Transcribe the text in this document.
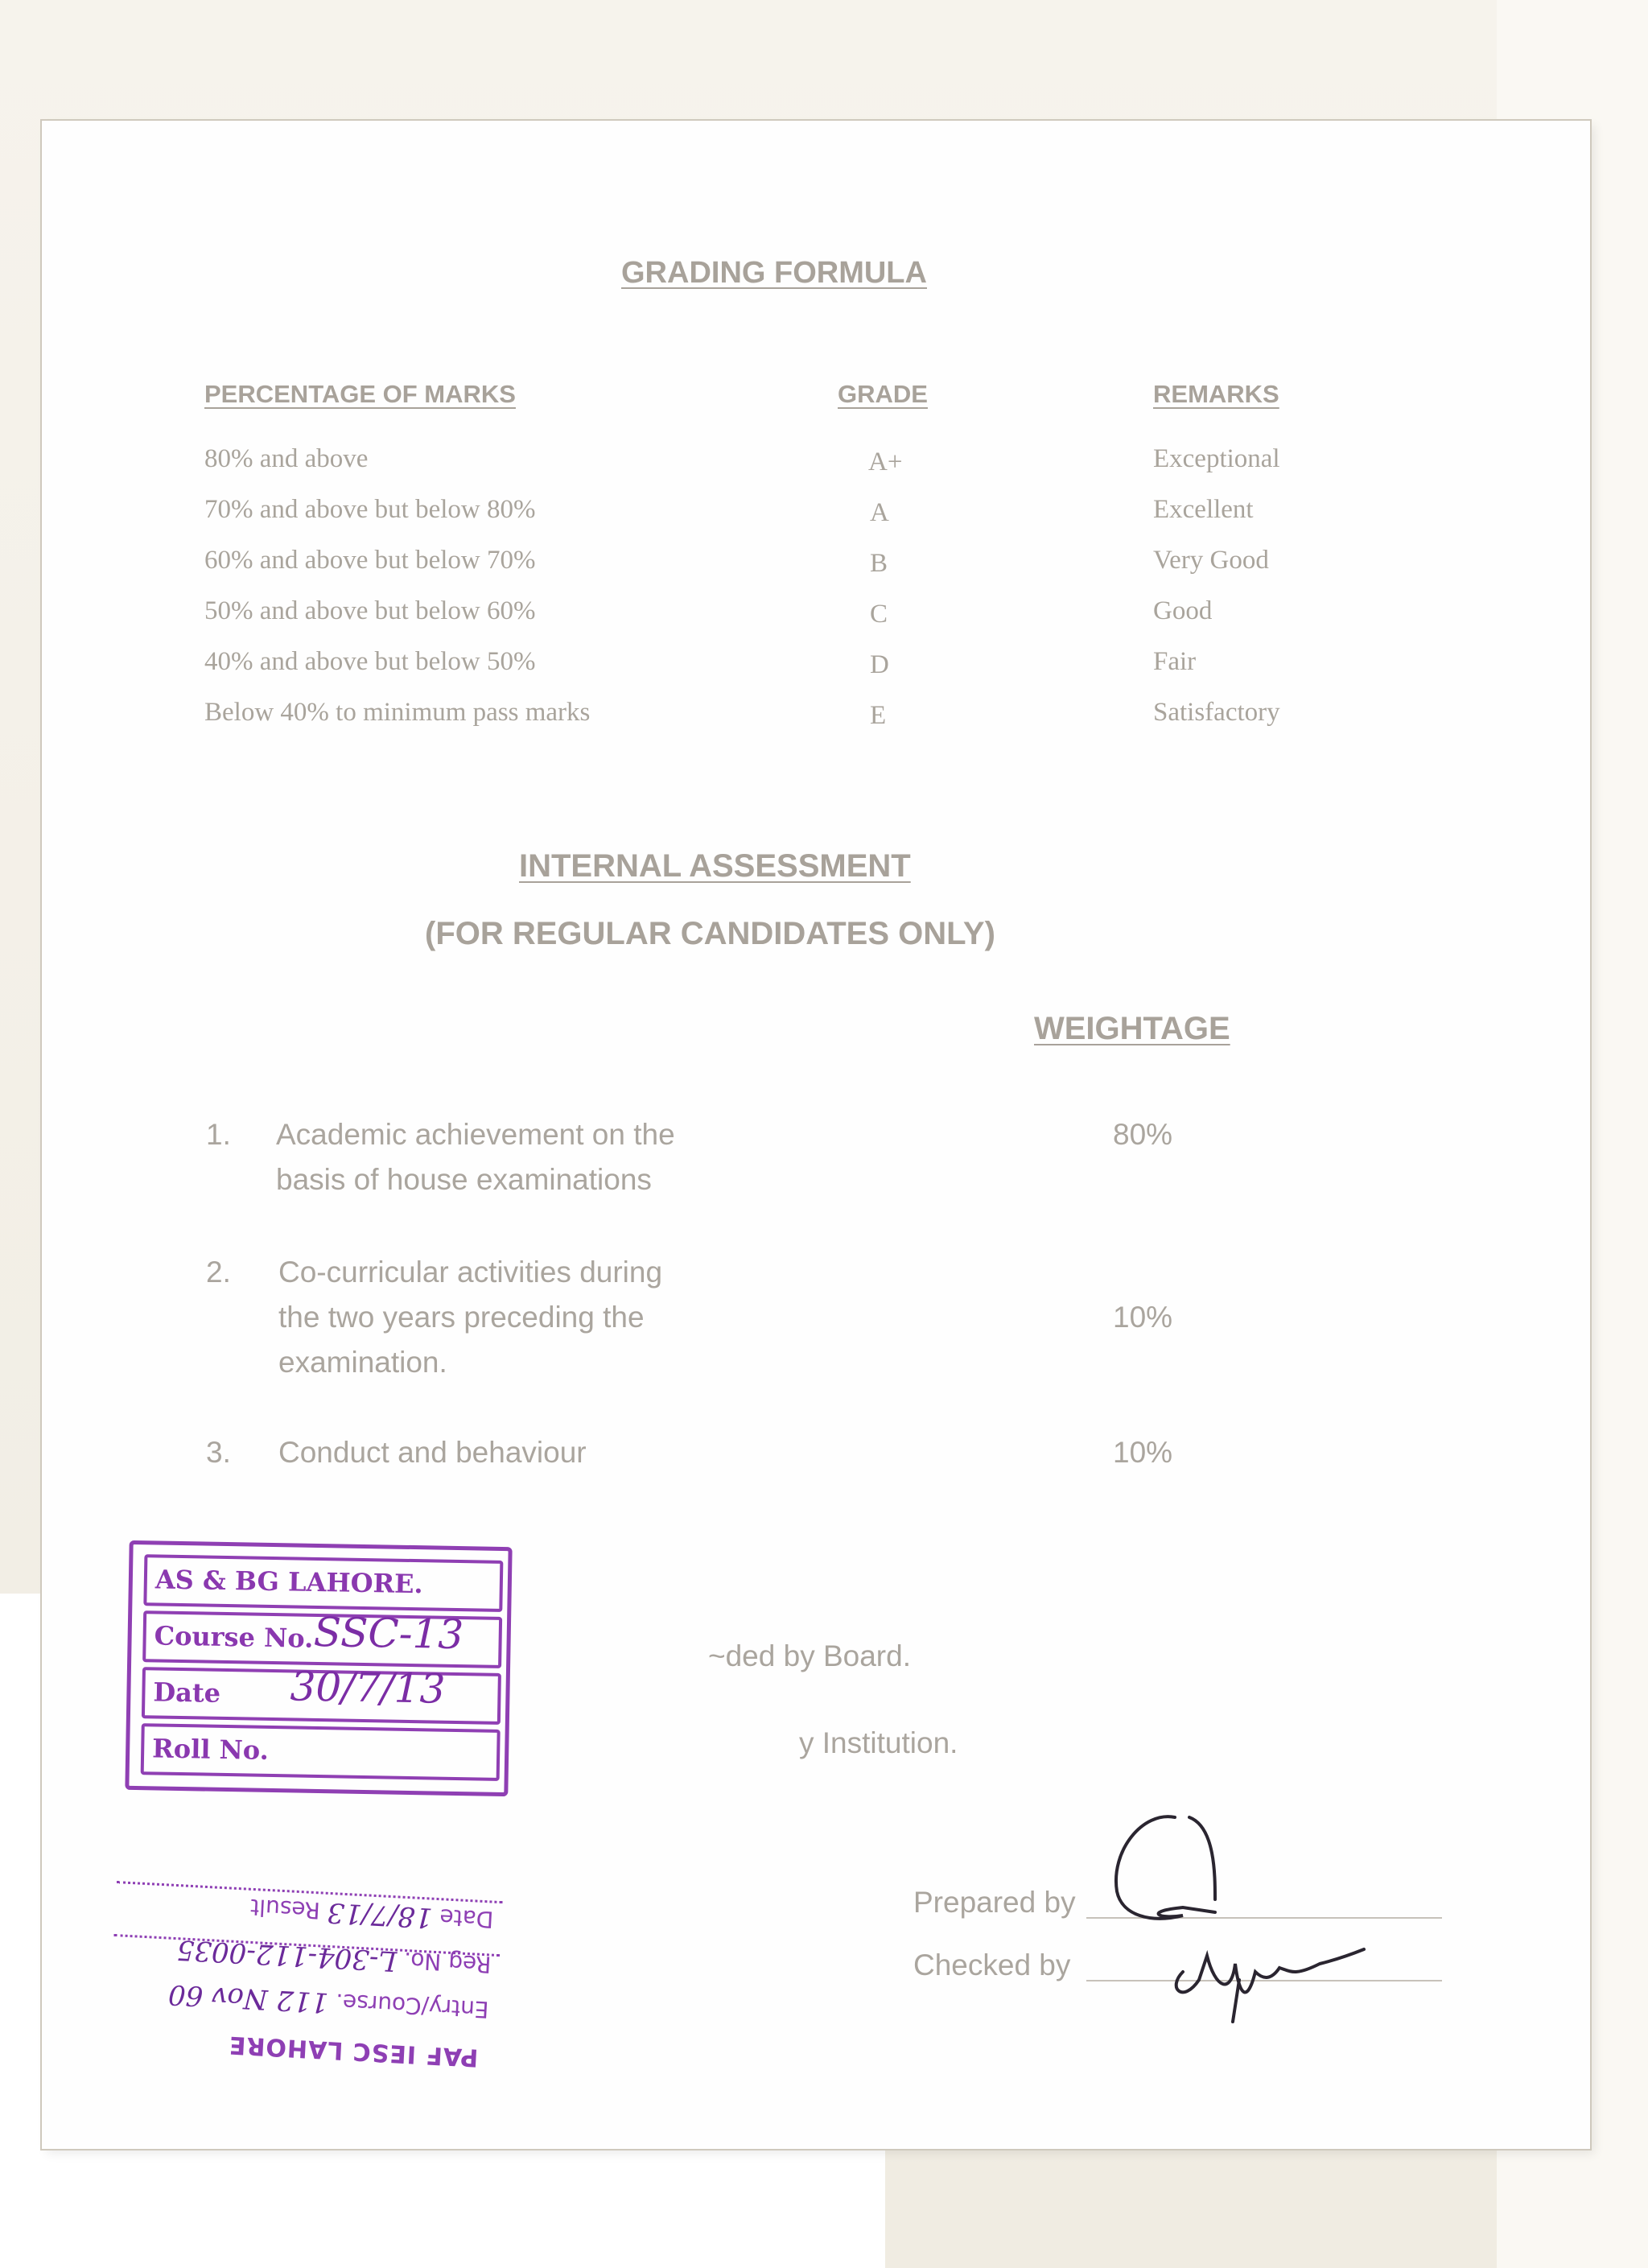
GRADING FORMULA
PERCENTAGE OF MARKS	GRADE	REMARKS
80% and above	A+	Exceptional
70% and above but below 80%	A	Excellent
60% and above but below 70%	B	Very Good
50% and above but below 60%	C	Good
40% and above but below 50%	D	Fair
Below 40% to minimum pass marks	E	Satisfactory
INTERNAL ASSESSMENT
(FOR REGULAR CANDIDATES ONLY)
WEIGHTAGE
1. Academic achievement on the
basis of house examinations
80%
2. Co-curricular activities during
the two years preceding the
examination.
10%
3. Conduct and behaviour	10%
~ded by Board.
y Institution.
Prepared by
Checked by
AS & BG LAHORE.
Course No. SSC-13
Date 30/7/13
Roll No.
PAF IESC LAHORE
Entry/Course. 112 Nov 60
Reg No. L-304-112-0035
Date 18/7/13 Result
